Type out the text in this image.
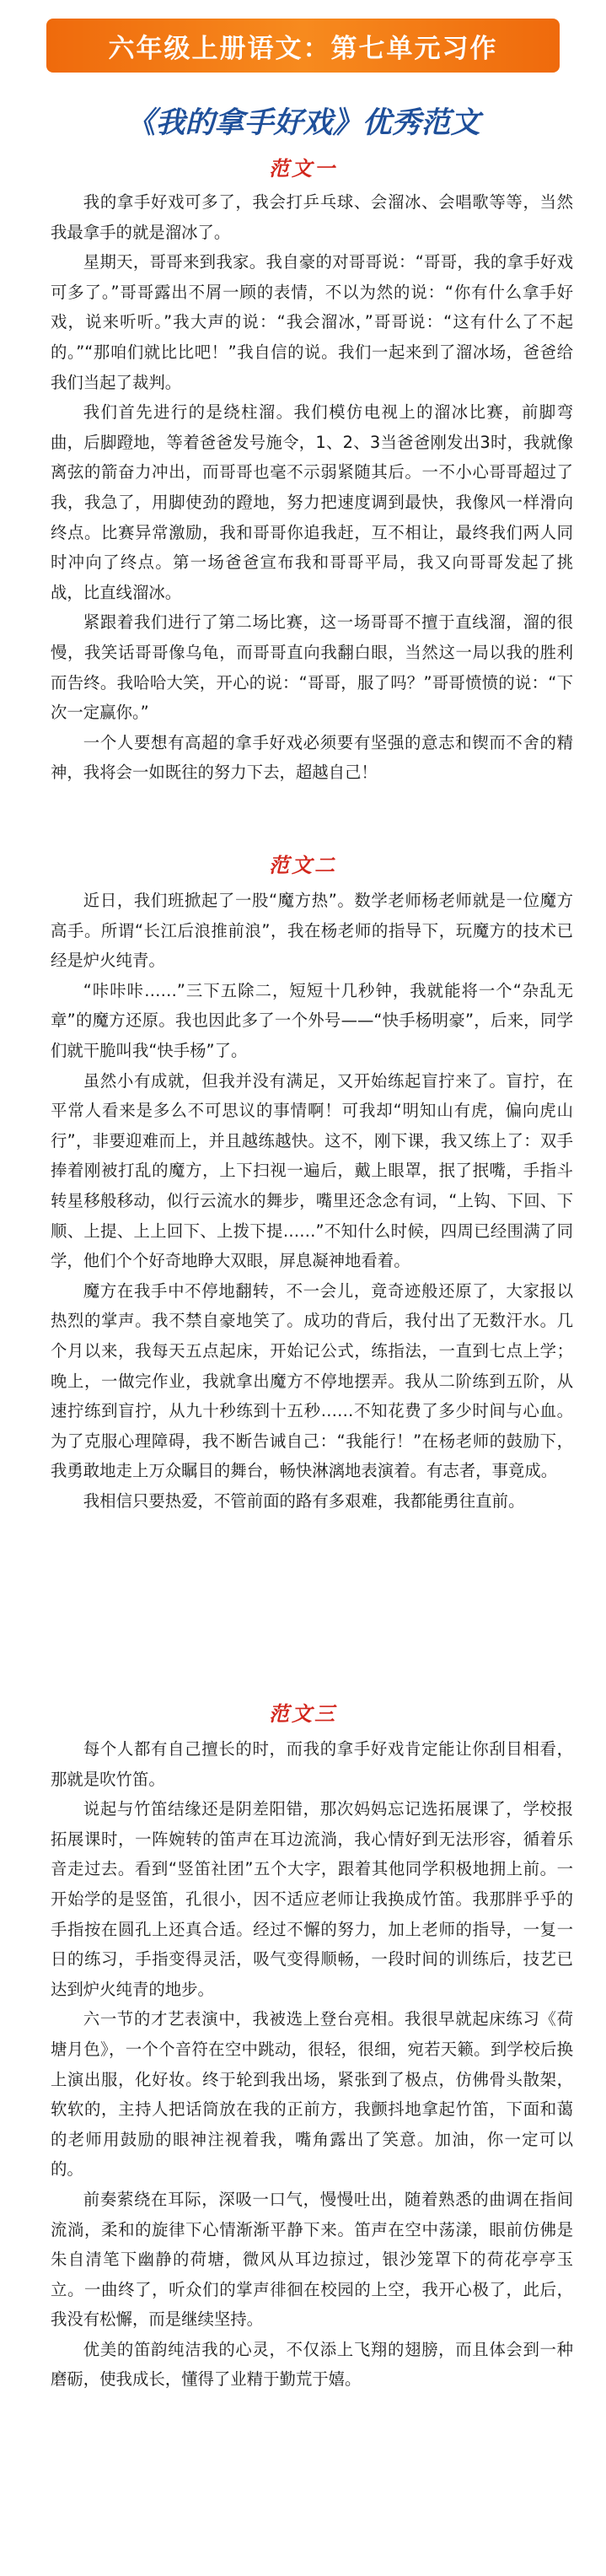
六年级上册语文：第七单元习作
《我的拿手好戏》优秀范文
范文一

我的拿手好戏可多了，我会打乒乓球、会溜冰、会唱歌等等，当然我最拿手的就是溜冰了。

星期天，哥哥来到我家。我自豪的对哥哥说：“哥哥，我的拿手好戏可多了。”哥哥露出不屑一顾的表情，不以为然的说：“你有什么拿手好戏，说来听听。”我大声的说：“我会溜冰，”哥哥说：“这有什么了不起的。”“那咱们就比比吧！”我自信的说。我们一起来到了溜冰场，爸爸给我们当起了裁判。

我们首先进行的是绕柱溜。我们模仿电视上的溜冰比赛，前脚弯曲，后脚蹬地，等着爸爸发号施令，1、2、3当爸爸刚发出3时，我就像离弦的箭奋力冲出，而哥哥也毫不示弱紧随其后。一不小心哥哥超过了我，我急了，用脚使劲的蹬地，努力把速度调到最快，我像风一样滑向终点。比赛异常激励，我和哥哥你追我赶，互不相让，最终我们两人同时冲向了终点。第一场爸爸宣布我和哥哥平局，我又向哥哥发起了挑战，比直线溜冰。

紧跟着我们进行了第二场比赛，这一场哥哥不擅于直线溜，溜的很慢，我笑话哥哥像乌龟，而哥哥直向我翻白眼，当然这一局以我的胜利而告终。我哈哈大笑，开心的说：“哥哥，服了吗？”哥哥愤愤的说：“下次一定赢你。”

一个人要想有高超的拿手好戏必须要有坚强的意志和锲而不舍的精神，我将会一如既往的努力下去，超越自己！

范文二

近日，我们班掀起了一股“魔方热”。数学老师杨老师就是一位魔方高手。所谓“长江后浪推前浪”，我在杨老师的指导下，玩魔方的技术已经是炉火纯青。

“咔咔咔……”三下五除二，短短十几秒钟，我就能将一个“杂乱无章”的魔方还原。我也因此多了一个外号——“快手杨明豪”，后来，同学们就干脆叫我“快手杨”了。

虽然小有成就，但我并没有满足，又开始练起盲拧来了。盲拧，在平常人看来是多么不可思议的事情啊！可我却“明知山有虎，偏向虎山行”，非要迎难而上，并且越练越快。这不，刚下课，我又练上了：双手捧着刚被打乱的魔方，上下扫视一遍后，戴上眼罩，抿了抿嘴，手指斗转星移般移动，似行云流水的舞步，嘴里还念念有词，“上钩、下回、下顺、上提、上上回下、上拨下提……”不知什么时候，四周已经围满了同学，他们个个好奇地睁大双眼，屏息凝神地看着。

魔方在我手中不停地翻转，不一会儿，竟奇迹般还原了，大家报以热烈的掌声。我不禁自豪地笑了。成功的背后，我付出了无数汗水。几个月以来，我每天五点起床，开始记公式，练指法，一直到七点上学；晚上，一做完作业，我就拿出魔方不停地摆弄。我从二阶练到五阶，从速拧练到盲拧，从九十秒练到十五秒……不知花费了多少时间与心血。为了克服心理障碍，我不断告诫自己：“我能行！”在杨老师的鼓励下，我勇敢地走上万众瞩目的舞台，畅快淋漓地表演着。有志者，事竟成。

我相信只要热爱，不管前面的路有多艰难，我都能勇往直前。

范文三

每个人都有自己擅长的时，而我的拿手好戏肯定能让你刮目相看，那就是吹竹笛。

说起与竹笛结缘还是阴差阳错，那次妈妈忘记选拓展课了，学校报拓展课时，一阵婉转的笛声在耳边流淌，我心情好到无法形容，循着乐音走过去。看到“竖笛社团”五个大字，跟着其他同学积极地拥上前。一开始学的是竖笛，孔很小，因不适应老师让我换成竹笛。我那胖乎乎的手指按在圆孔上还真合适。经过不懈的努力，加上老师的指导，一复一日的练习，手指变得灵活，吸气变得顺畅，一段时间的训练后，技艺已达到炉火纯青的地步。

六一节的才艺表演中，我被选上登台亮相。我很早就起床练习《荷塘月色》，一个个音符在空中跳动，很轻，很细，宛若天籁。到学校后换上演出服，化好妆。终于轮到我出场，紧张到了极点，仿佛骨头散架，软软的，主持人把话筒放在我的正前方，我颤抖地拿起竹笛，下面和蔼的老师用鼓励的眼神注视着我，嘴角露出了笑意。加油，你一定可以的。

前奏萦绕在耳际，深吸一口气，慢慢吐出，随着熟悉的曲调在指间流淌，柔和的旋律下心情渐渐平静下来。笛声在空中荡漾，眼前仿佛是朱自清笔下幽静的荷塘，微风从耳边掠过，银沙笼罩下的荷花亭亭玉立。一曲终了，听众们的掌声徘徊在校园的上空，我开心极了，此后，我没有松懈，而是继续坚持。

优美的笛韵纯洁我的心灵，不仅添上飞翔的翅膀，而且体会到一种磨砺，使我成长，懂得了业精于勤荒于嬉。
